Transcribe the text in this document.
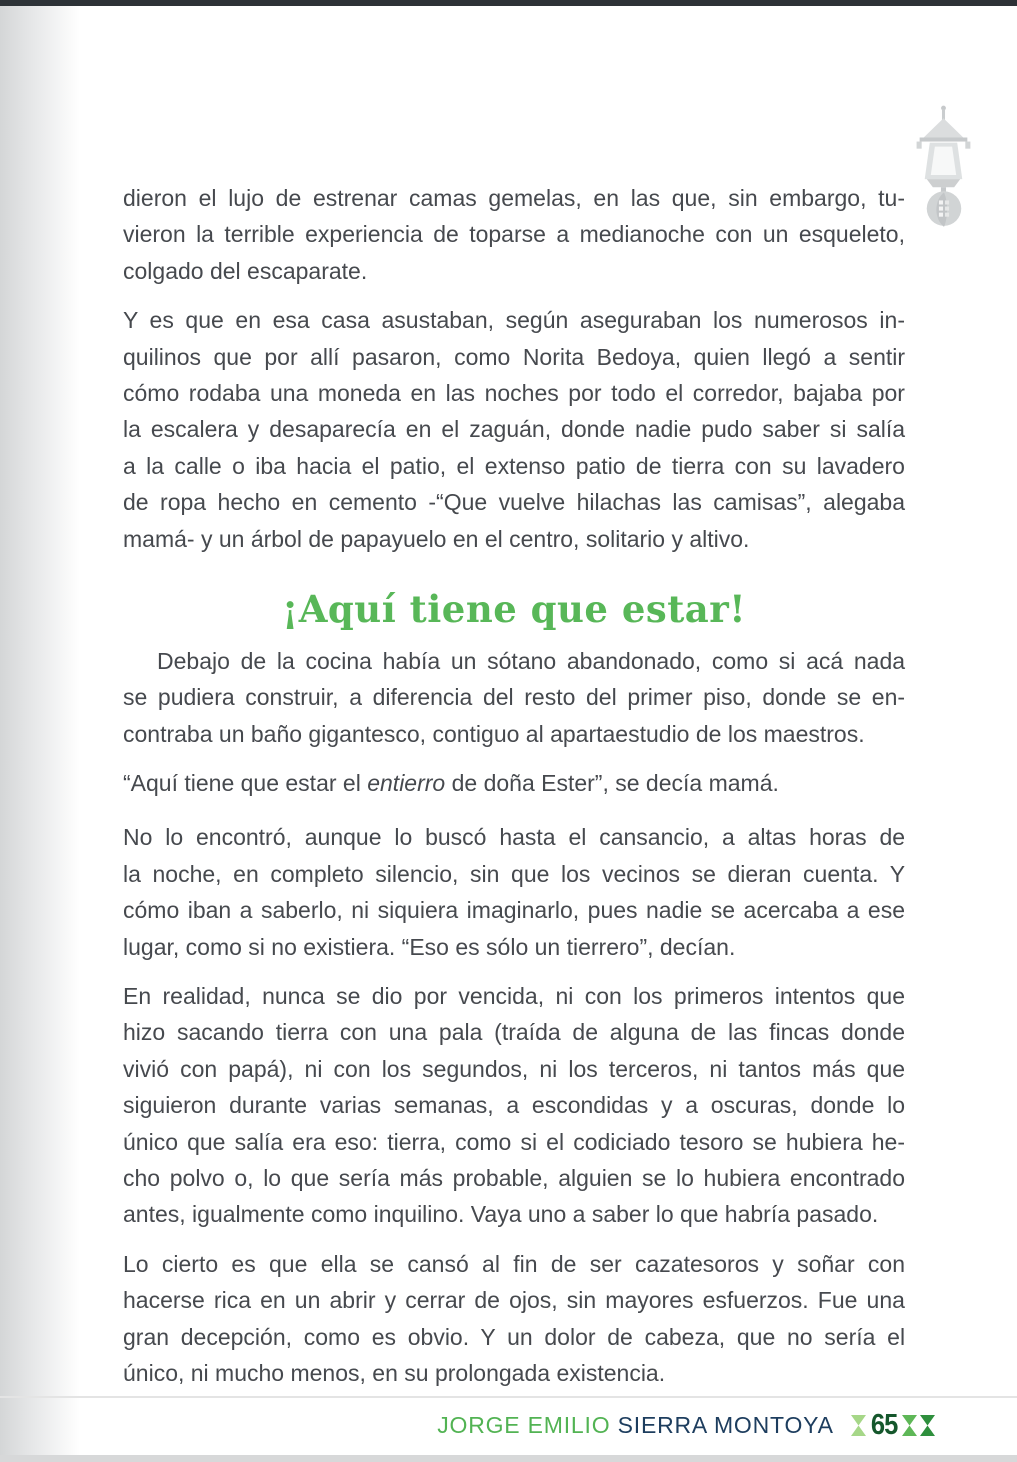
dieron el lujo de estrenar camas gemelas, en las que, sin embargo, tu-
vieron la terrible experiencia de toparse a medianoche con un esqueleto,
colgado del escaparate.
Y es que en esa casa asustaban, según aseguraban los numerosos in-
quilinos que por allí pasaron, como Norita Bedoya, quien llegó a sentir
cómo rodaba una moneda en las noches por todo el corredor, bajaba por
la escalera y desaparecía en el zaguán, donde nadie pudo saber si salía
a la calle o iba hacia el patio, el extenso patio de tierra con su lavadero
de ropa hecho en cemento -“Que vuelve hilachas las camisas”, alegaba
mamá- y un árbol de papayuelo en el centro, solitario y altivo.
¡Aquí tiene que estar!
Debajo de la cocina había un sótano abandonado, como si acá nada
se pudiera construir, a diferencia del resto del primer piso, donde se en-
contraba un baño gigantesco, contiguo al apartaestudio de los maestros.
“Aquí tiene que estar el entierro de doña Ester”, se decía mamá.
No lo encontró, aunque lo buscó hasta el cansancio, a altas horas de
la noche, en completo silencio, sin que los vecinos se dieran cuenta. Y
cómo iban a saberlo, ni siquiera imaginarlo, pues nadie se acercaba a ese
lugar, como si no existiera. “Eso es sólo un tierrero”, decían.
En realidad, nunca se dio por vencida, ni con los primeros intentos que
hizo sacando tierra con una pala (traída de alguna de las fincas donde
vivió con papá), ni con los segundos, ni los terceros, ni tantos más que
siguieron durante varias semanas, a escondidas y a oscuras, donde lo
único que salía era eso: tierra, como si el codiciado tesoro se hubiera he-
cho polvo o, lo que sería más probable, alguien se lo hubiera encontrado
antes, igualmente como inquilino. Vaya uno a saber lo que habría pasado.
Lo cierto es que ella se cansó al fin de ser cazatesoros y soñar con
hacerse rica en un abrir y cerrar de ojos, sin mayores esfuerzos. Fue una
gran decepción, como es obvio. Y un dolor de cabeza, que no sería el
único, ni mucho menos, en su prolongada existencia.
JORGE EMILIO SIERRA MONTOYA 65
